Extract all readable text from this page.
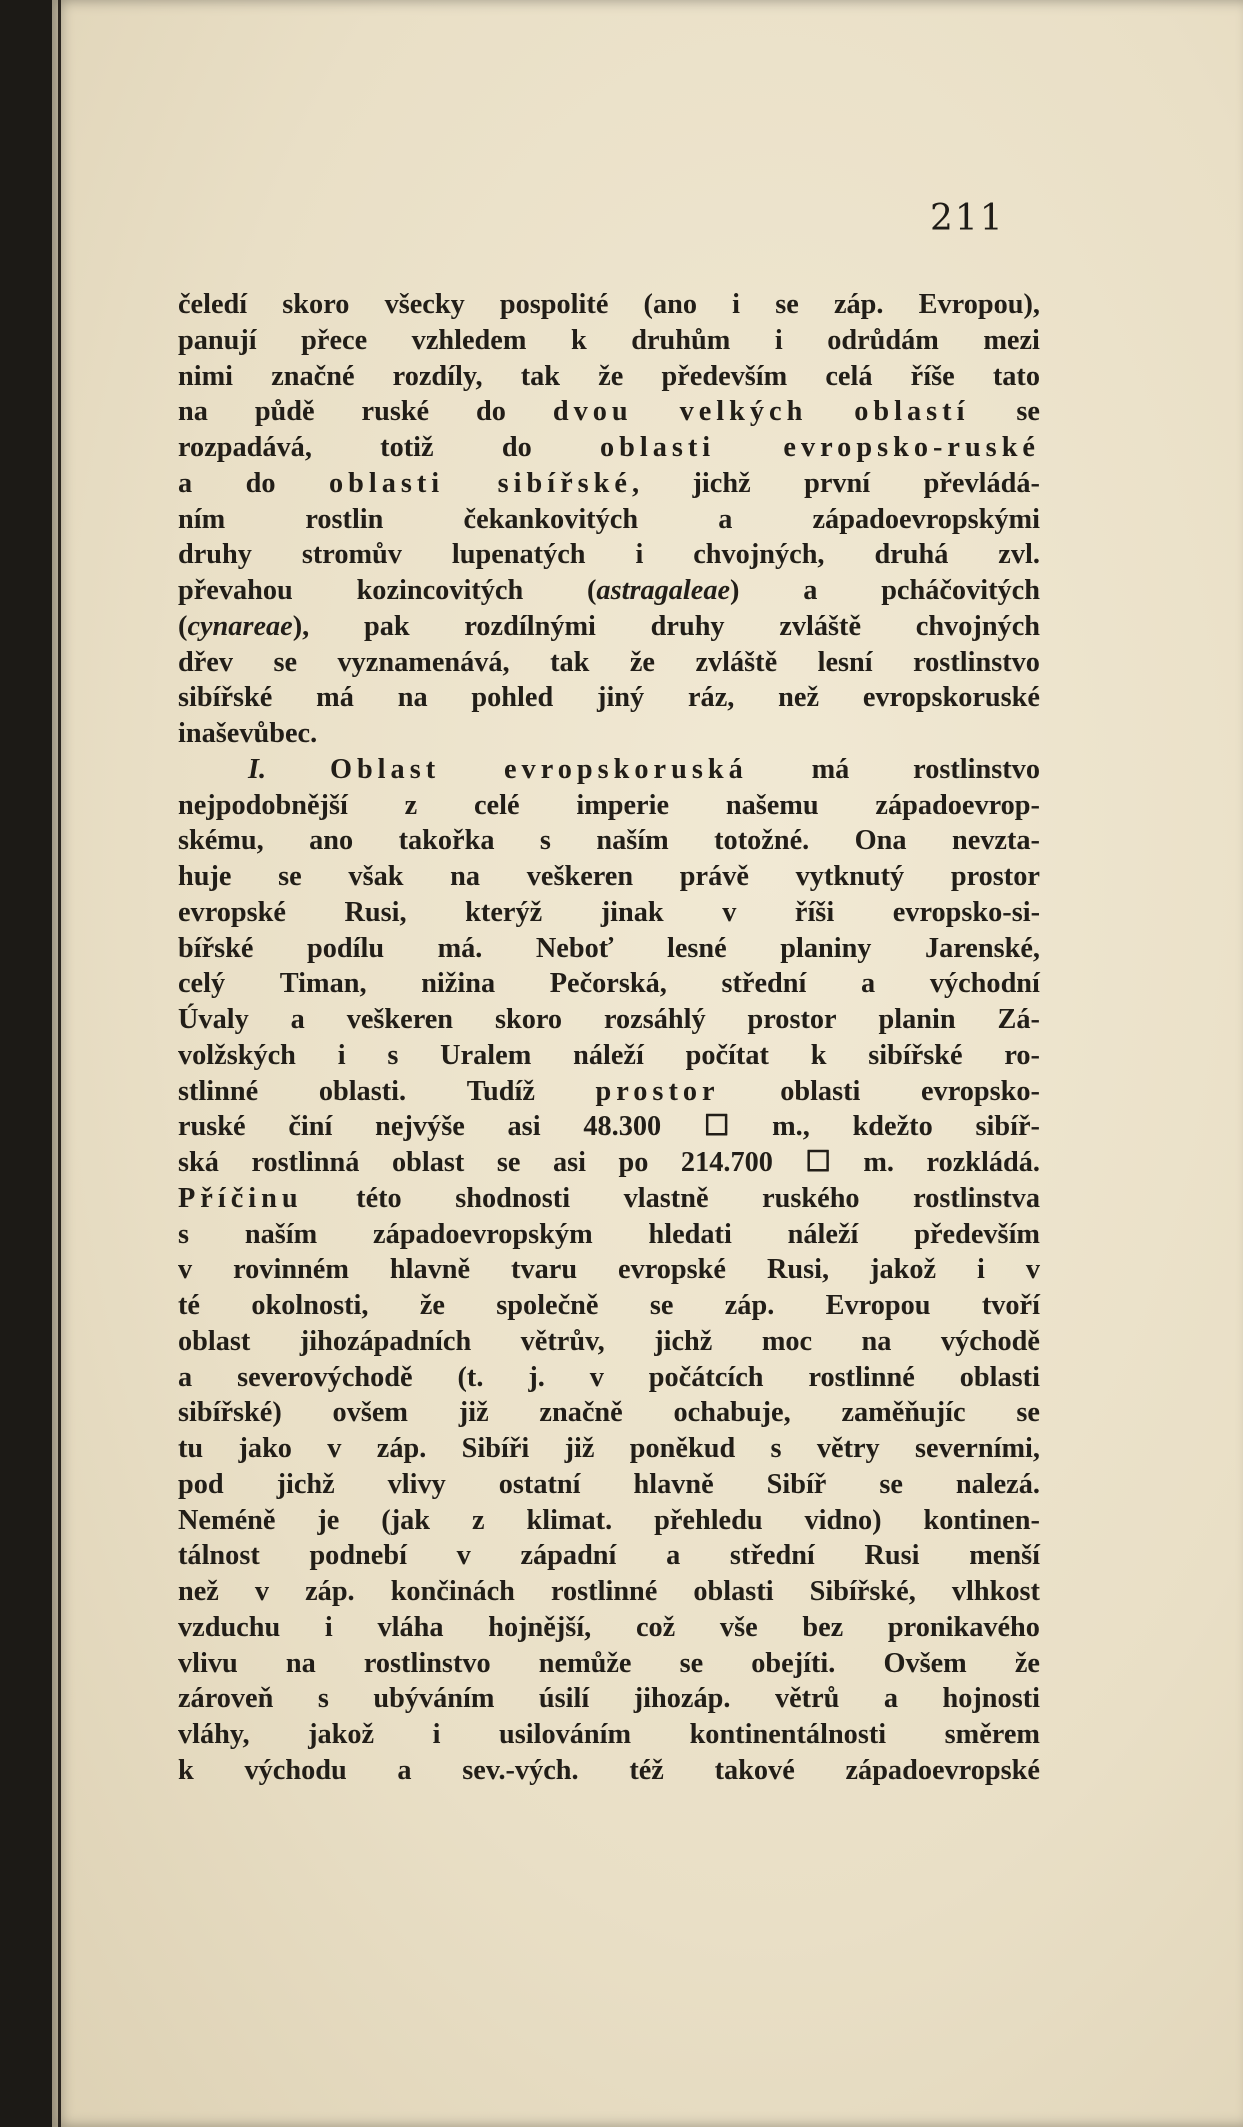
211
čeledí skoro všecky pospolité (ano i se záp. Evropou),
panují přece vzhledem k druhům i odrůdám mezi
nimi značné rozdíly, tak že především celá říše tato
na půdě ruské do dvou velkých oblastí se
rozpadává, totiž do oblasti evropsko-ruské
a do oblasti sibířské, jichž první převládá-
ním	rostlin	čekankovitých	a	západoevropskými
druhy stromův lupenatých i chvojných, druhá zvl.
převahou kozincovitých (astragaleae) a pcháčovitých
(cynareae), pak rozdílnými druhy zvláště chvojných
dřev se vyznamenává, tak že zvláště lesní rostlinstvo
sibířské má na pohled jiný ráz, než evropskoruské
i naše vůbec.
I. Oblast evropskoruská má rostlinstvo
nejpodobnější z celé imperie našemu západoevrop-
skému, ano takořka s naším totožné. Ona nevzta-
huje se však na veškeren právě vytknutý prostor
evropské Rusi, kterýž jinak v říši evropsko-si-
bířské podílu má. Neboť lesné planiny Jarenské,
celý Timan, nižina Pečorská, střední a východní
Úvaly a veškeren skoro rozsáhlý prostor planin Zá-
volžských i s Uralem náleží počítat k sibířské ro-
stlinné oblasti. Tudíž prostor oblasti evropsko-
ruské činí nejvýše asi 48.300 ☐ m., kdežto sibíř-
ská rostlinná oblast se asi po 214.700 ☐ m. rozkládá.
Příčinu této shodnosti vlastně ruského rostlinstva
s naším západoevropským hledati náleží především
v rovinném hlavně tvaru evropské Rusi, jakož i v
té okolnosti, že společně se záp. Evropou tvoří
oblast jihozápadních větrův, jichž moc na východě
a severovýchodě (t. j. v počátcích rostlinné oblasti
sibířské) ovšem již značně ochabuje, zaměňujíc se
tu jako v záp. Sibíři již poněkud s větry severními,
pod jichž vlivy ostatní hlavně Sibíř se nalezá.
Neméně je (jak z klimat. přehledu vidno) kontinen-
tálnost podnebí v západní a střední Rusi menší
než v záp. končinách rostlinné oblasti Sibířské, vlhkost
vzduchu i vláha hojnější, což vše bez pronikavého
vlivu na rostlinstvo nemůže se obejíti. Ovšem že
zároveň s ubýváním úsilí jihozáp. větrů a hojnosti
vláhy, jakož i usilováním kontinentálnosti směrem
k východu a sev.-vých. též takové západoevropské
